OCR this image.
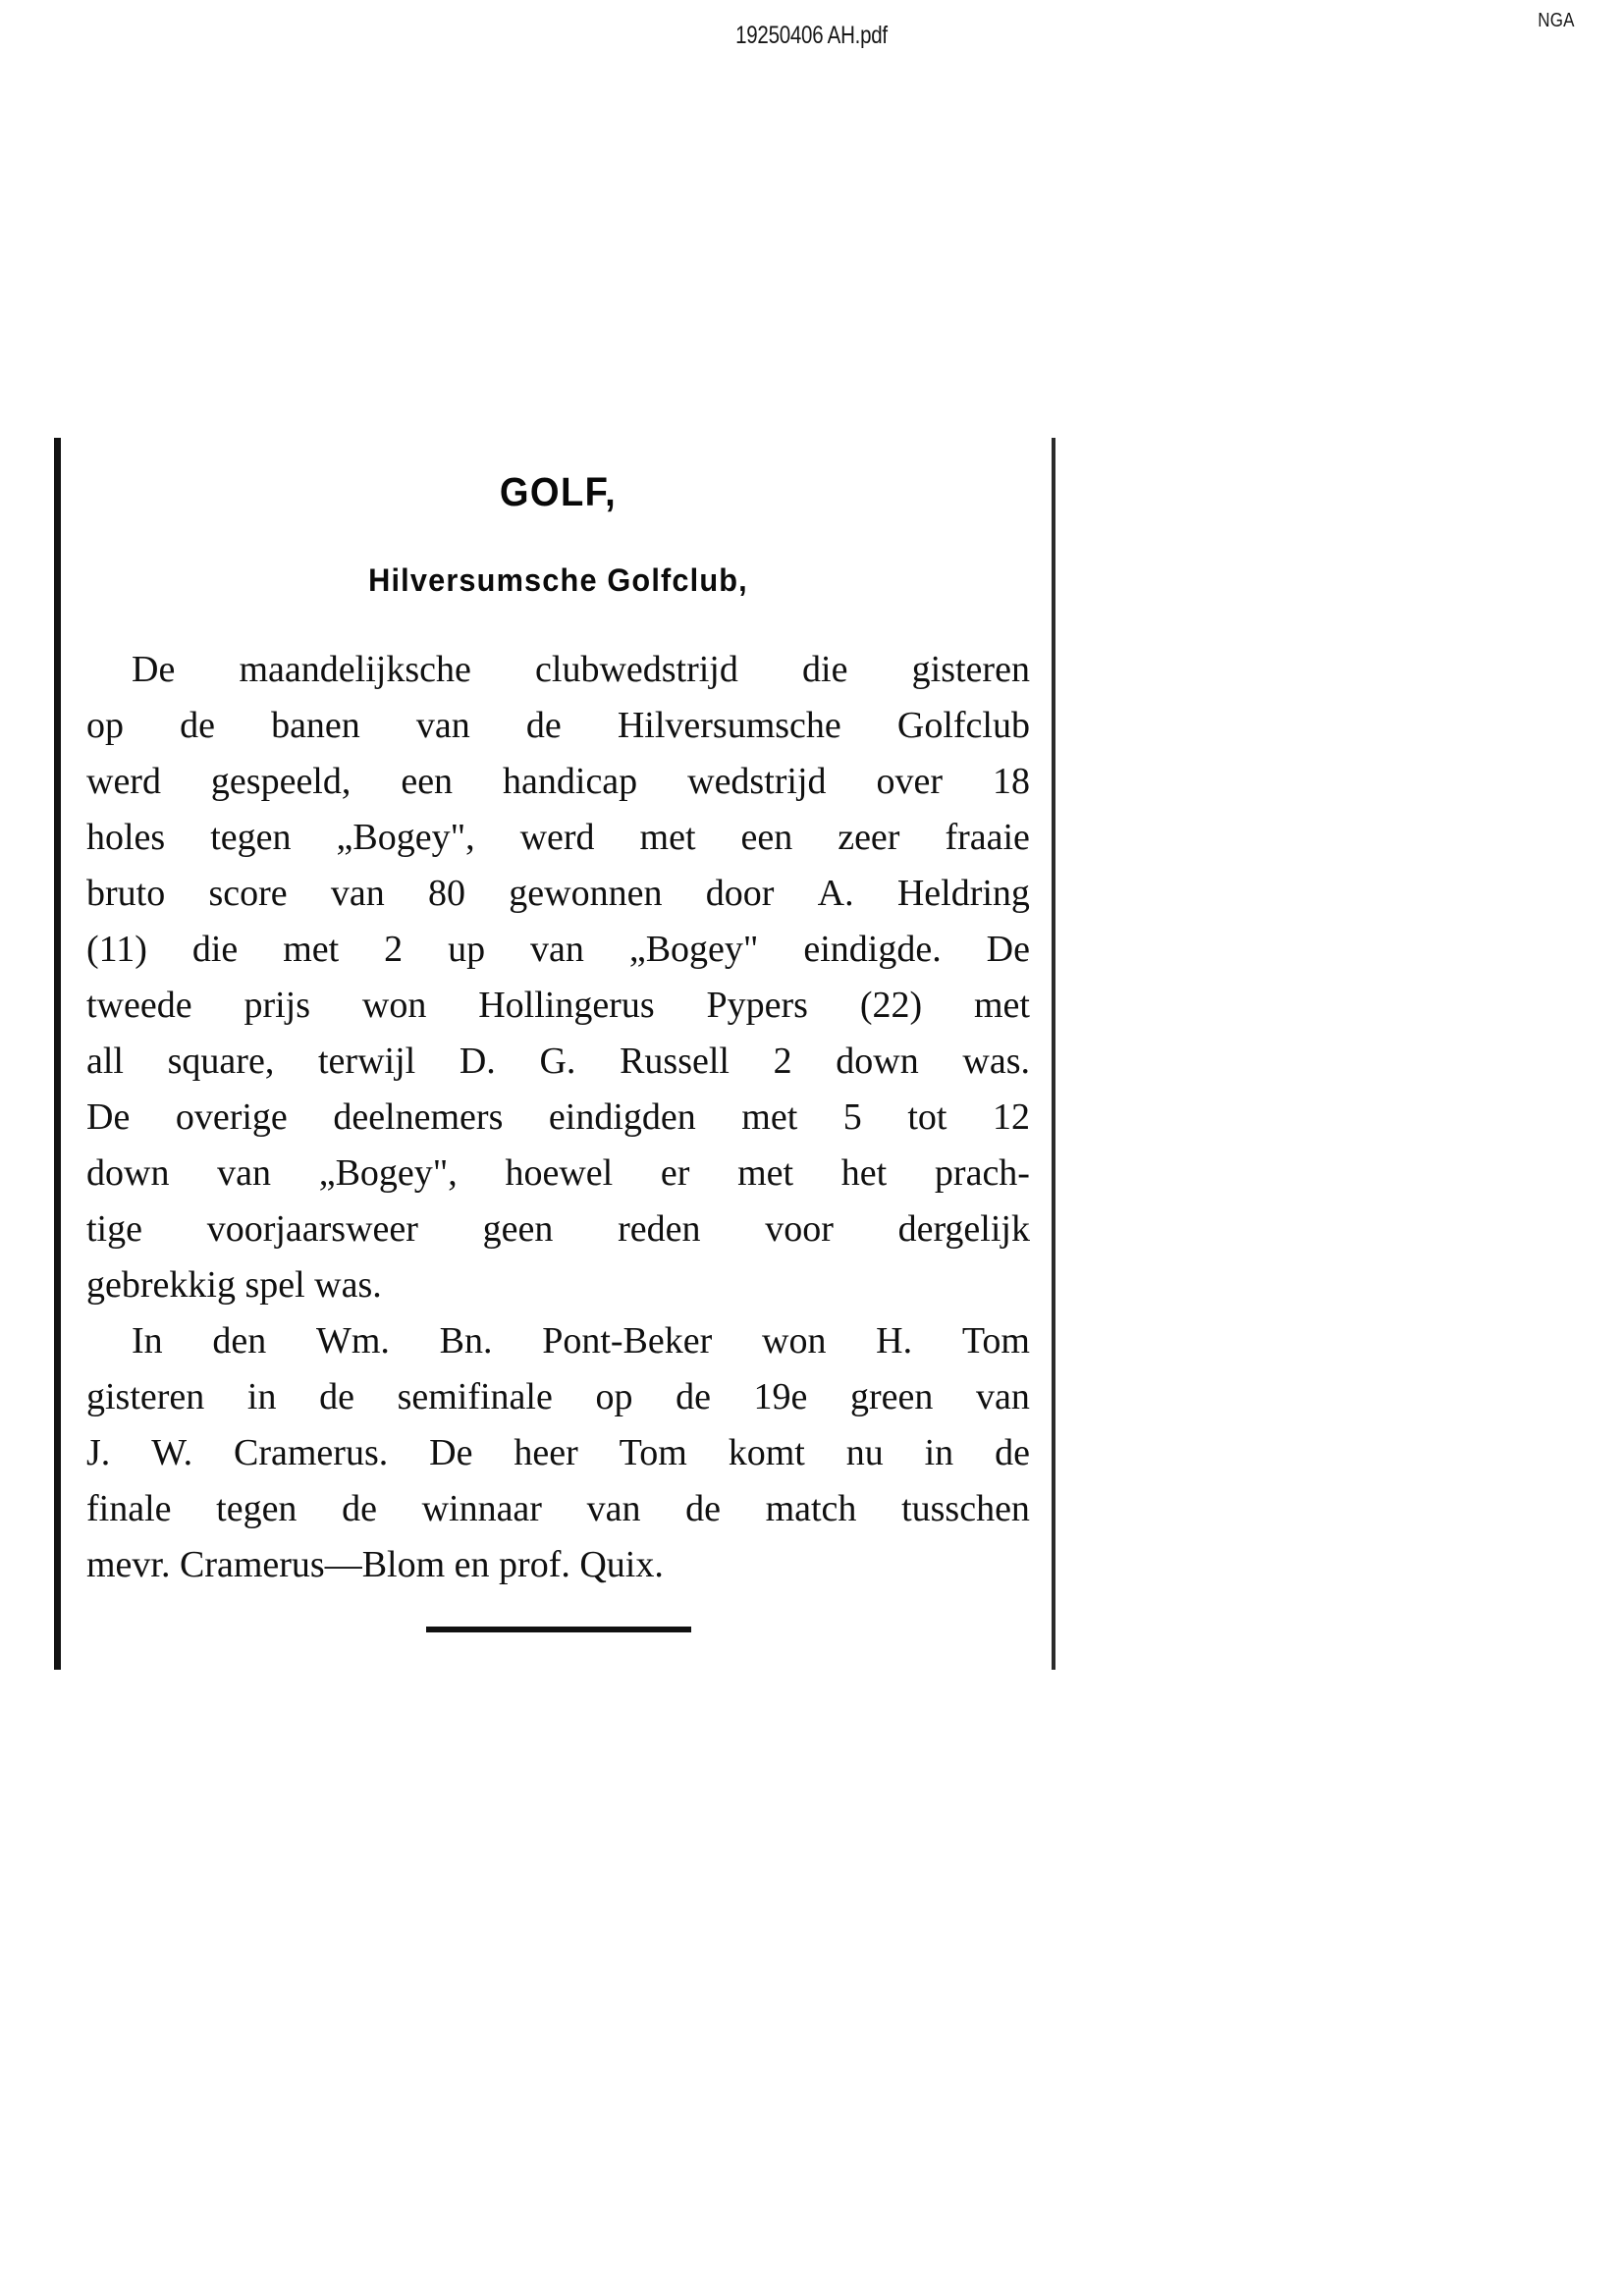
19250406 AH.pdf
NGA
GOLF,
Hilversumsche Golfclub,
De maandelijksche clubwedstrijd die gisteren
op de banen van de Hilversumsche Golfclub
werd gespeeld, een handicap wedstrijd over 18
holes tegen „Bogey", werd met een zeer fraaie
bruto score van 80 gewonnen door A. Heldring
(11) die met 2 up van „Bogey" eindigde. De
tweede prijs won Hollingerus Pypers (22) met
all square, terwijl D. G. Russell 2 down was.
De overige deelnemers eindigden met 5 tot 12
down van „Bogey", hoewel er met het prach-
tige voorjaarsweer geen reden voor dergelijk
gebrekkig spel was.
In den Wm. Bn. Pont-Beker won H. Tom
gisteren in de semifinale op de 19e green van
J. W. Cramerus. De heer Tom komt nu in de
finale tegen de winnaar van de match tusschen
mevr. Cramerus—Blom en prof. Quix.
